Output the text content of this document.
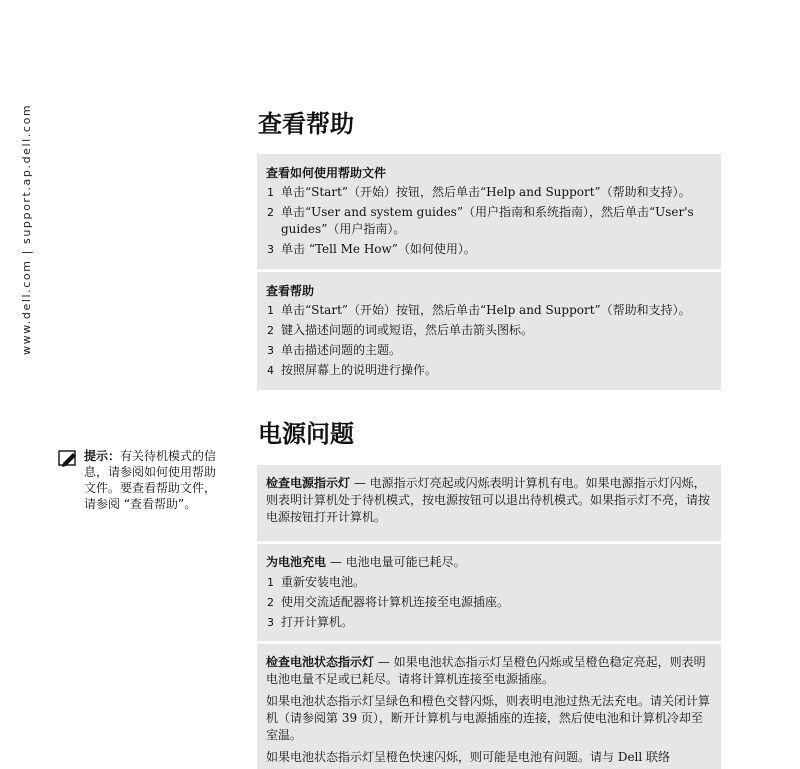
www.dell.com | support.ap.dell.com	查看帮助
查看如何使用帮助文件
1 单击“Start”（开始）按钮，然后单击“Help and Support”（帮助和支持）。
2 单击“User and system guides”（用户指南和系统指南），然后单击“User's guides”（用户指南）。
3 单击 “Tell Me How”（如何使用）。
查看帮助
1 单击“Start”（开始）按钮，然后单击“Help and Support”（帮助和支持）。
2 键入描述问题的词或短语，然后单击箭头图标。
3 单击描述问题的主题。
4 按照屏幕上的说明进行操作。
电源问题
提示：有关待机模式的信息，请参阅如何使用帮助文件。要查看帮助文件，请参阅 “查看帮助”。

检查电源指示灯 — 电源指示灯亮起或闪烁表明计算机有电。如果电源指示灯闪烁，则表明计算机处于待机模式，按电源按钮可以退出待机模式。如果指示灯不亮，请按电源按钮打开计算机。

为电池充电 — 电池电量可能已耗尽。

1 重新安装电池。
2 使用交流适配器将计算机连接至电源插座。
3 打开计算机。

检查电池状态指示灯 — 如果电池状态指示灯呈橙色闪烁或呈橙色稳定亮起，则表明电池电量不足或已耗尽。请将计算机连接至电源插座。

如果电池状态指示灯呈绿色和橙色交替闪烁，则表明电池过热无法充电。请关闭计算机（请参阅第 39 页），断开计算机与电源插座的连接，然后使电池和计算机冷却至室温。

如果电池状态指示灯呈橙色快速闪烁，则可能是电池有问题。请与 Dell 联络
